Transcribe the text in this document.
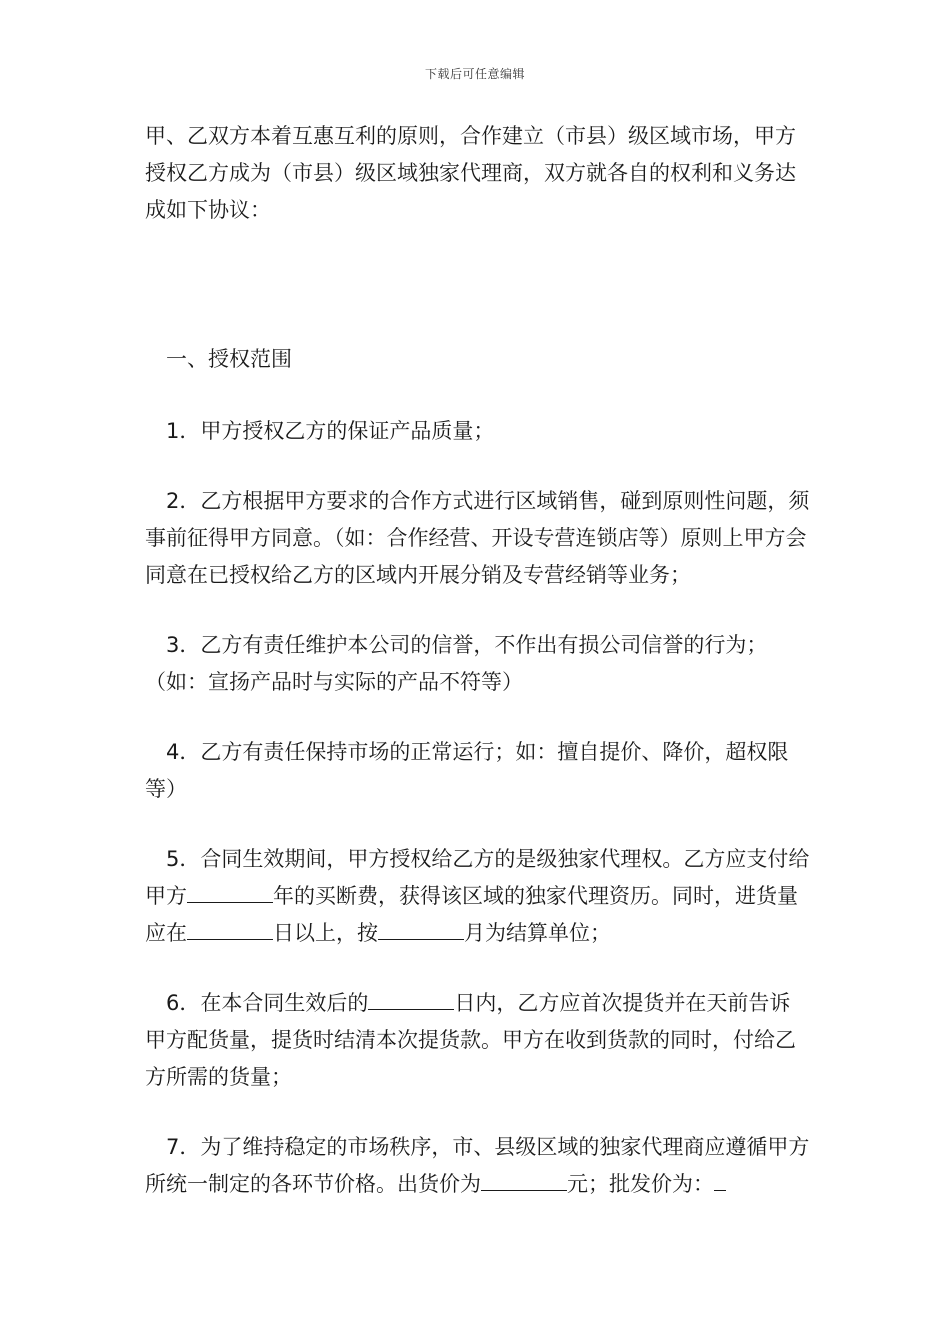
下载后可任意编辑

甲、乙双方本着互惠互利的原则，合作建立（市县）级区域市场，甲方授权乙方成为（市县）级区域独家代理商，双方就各自的权利和义务达成如下协议：

一、授权范围

1．甲方授权乙方的保证产品质量；

2．乙方根据甲方要求的合作方式进行区域销售，碰到原则性问题，须事前征得甲方同意。（如：合作经营、开设专营连锁店等）原则上甲方会同意在已授权给乙方的区域内开展分销及专营经销等业务；

3．乙方有责任维护本公司的信誉，不作出有损公司信誉的行为；（如：宣扬产品时与实际的产品不符等）

4．乙方有责任保持市场的正常运行；如：擅自提价、降价，超权限等）

5．合同生效期间，甲方授权给乙方的是级独家代理权。乙方应支付给甲方	年的买断费，获得该区域的独家代理资历。同时，进货量应在	日以上，按	月为结算单位；

6．在本合同生效后的	日内，乙方应首次提货并在天前告诉甲方配货量，提货时结清本次提货款。甲方在收到货款的同时，付给乙方所需的货量；

7．为了维持稳定的市场秩序，市、县级区域的独家代理商应遵循甲方所统一制定的各环节价格。出货价为	元；批发价为：
